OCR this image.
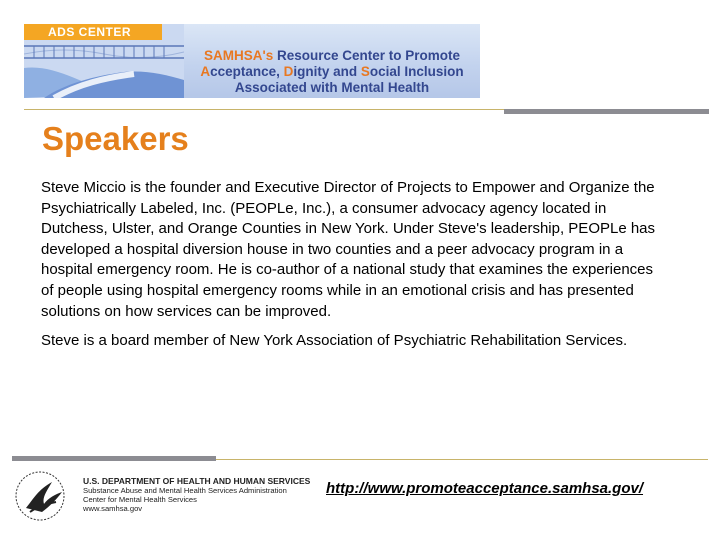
ADS CENTER
SAMHSA's Resource Center to Promote
Acceptance, Dignity and Social Inclusion
Associated with Mental Health
Speakers

Steve Miccio is the founder and Executive Director of Projects to Empower and Organize the Psychiatrically Labeled, Inc. (PEOPLe, Inc.), a consumer advocacy agency located in Dutchess, Ulster, and Orange Counties in New York. Under Steve's leadership, PEOPLe has developed a hospital diversion house in two counties and a peer advocacy program in a hospital emergency room. He is co-author of a national study that examines the experiences of people using hospital emergency rooms while in an emotional crisis and has presented solutions on how services can be improved.

Steve is a board member of New York Association of Psychiatric Rehabilitation Services.

U.S. DEPARTMENT OF HEALTH AND HUMAN SERVICES
Substance Abuse and Mental Health Services Administration
Center for Mental Health Services
www.samhsa.gov
http://www.promoteacceptance.samhsa.gov/
